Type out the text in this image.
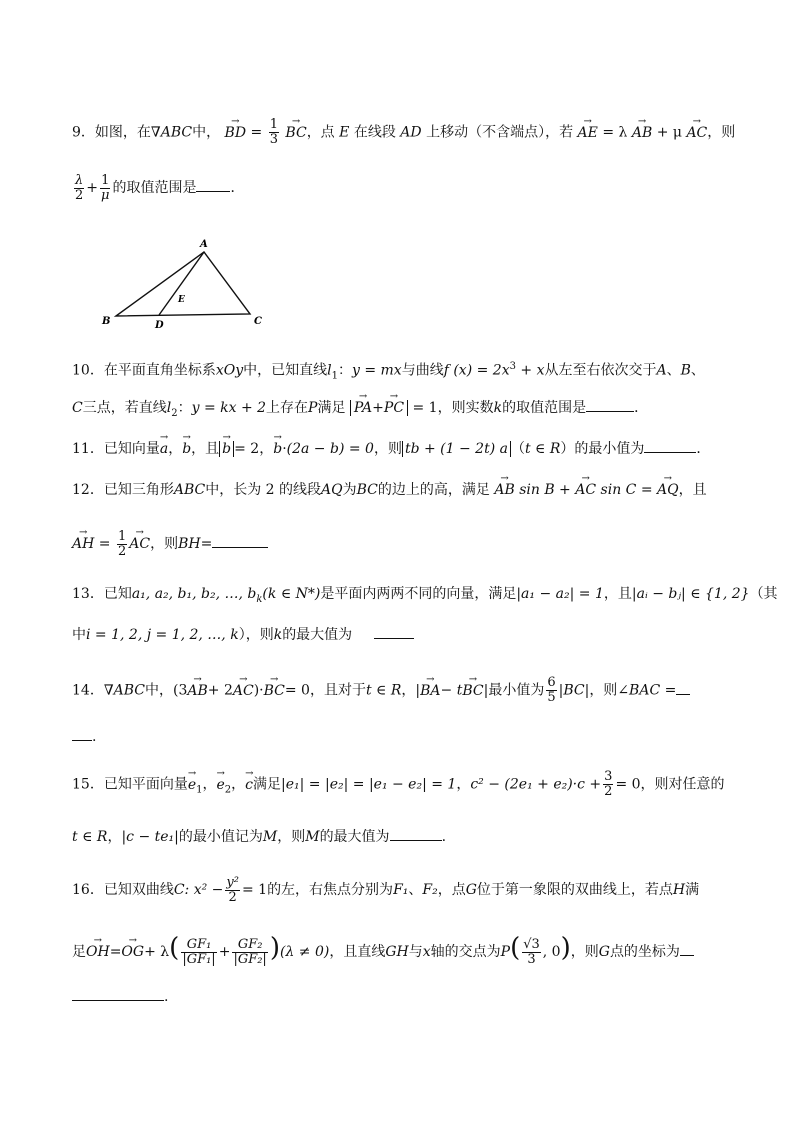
9．如图，在∇ABC中， → BD = $\frac{1}{3}$ → BC，点 E 在线段 AD 上移动（不含端点），若 → AE = λ → AB + μ → AC，则
$\frac{\lambda}{2} + \frac{1}{\mu}$ 的取值范围是 ．
A
B	C
D
E
10．在平面直角坐标系xOy中，已知直线$l_1$：y = mx与曲线f $(x) = 2x^3 + x$从左至右依次交于A、B、
C三点，若直线$l_2$：y = kx + 2上存在P满足 → PA+→ PC = 1，则实数k的取值范围是	．
11．已知向量→ a，→ b，且 → b = 2，→ b·(2a − b) = 0，则 tb + (1 − 2t) a （t ∈ R）的最小值为	．
12．已知三角形ABC中，长为 2 的线段AQ为BC的边上的高，满足 → AB sin B + → AC sin C = → AQ，且
→ AH = $\frac{1}{2}$ → AC，则BH=
13．已知a₁, a₂, b₁, b₂, …, $b_k(k$ ∈ N*)是平面内两两不同的向量，满足|a₁ − a₂| = 1，且|aᵢ − bⱼ| ∈ {1, 2}（其
中i = 1, 2, j = 1, 2, …, k），则k的最大值为
14．∇ABC中，(3→ AB+ 2→ AC)·→ BC= 0，且对于t ∈ R，|→ BA− t→ BC|最小值为 $\frac{6}{5} |BC|$，则∠BAC =
.
15．已知平面向量→ $e_1$，→ $e_2$，→ c满足|e₁| = |e₂| = |e₁ − e₂| = 1，$c^2 - (2e_1 + e_2)\cdot c + \frac{3}{2} = 0$，则对任意的
t ∈ R，|c − te₁|的最小值记为M，则M的最大值为	.
16．已知双曲线C: $x^2 - \frac{\text{y²}}{2} = 1$的左，右焦点分别为F₁、F₂，点G位于第一象限的双曲线上，若点H满
足→ $OH=\to OG+ \lambda( \frac{\text{GF₁}}{\text{|GF₁|}} + \frac{\text{GF₂}}{\text{|GF₂|}} )(\lambda \ne 0)$，且直线GH与x轴的交点为$P( \frac{√3}{3}$ , 0)，则G点的坐标为
.
